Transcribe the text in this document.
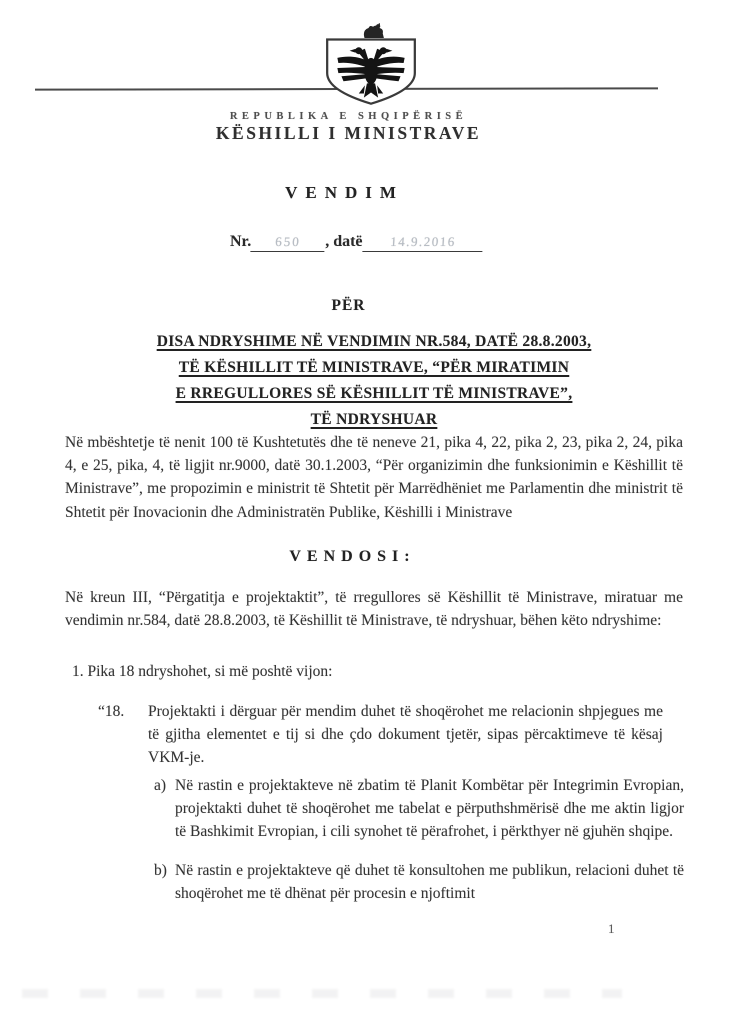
REPUBLIKA E SHQIPËRISË
KËSHILLI I MINISTRAVE
VENDIM
Nr. 650 , datë 14.9.2016
PËR
DISA NDRYSHIME NË VENDIMIN NR.584, DATË 28.8.2003,
TË KËSHILLIT TË MINISTRAVE, “PËR MIRATIMIN
E RREGULLORES SË KËSHILLIT TË MINISTRAVE”,
TË NDRYSHUAR
Në mbështetje të nenit 100 të Kushtetutës dhe të neneve 21, pika 4, 22, pika 2, 23, pika 2, 24, pika 4, e 25, pika, 4, të ligjit nr.9000, datë 30.1.2003, “Për organizimin dhe funksionimin e Këshillit të Ministrave”, me propozimin e ministrit të Shtetit për Marrëdhëniet me Parlamentin dhe ministrit të Shtetit për Inovacionin dhe Administratën Publike, Këshilli i Ministrave
VENDOSI:
Në kreun III, “Përgatitja e projektaktit”, të rregullores së Këshillit të Ministrave, miratuar me vendimin nr.584, datë 28.8.2003, të Këshillit të Ministrave, të ndryshuar, bëhen këto ndryshime:
1. Pika 18 ndryshohet, si më poshtë vijon:
“18.	Projektakti i dërguar për mendim duhet të shoqërohet me relacionin shpjegues me të gjitha elementet e tij si dhe çdo dokument tjetër, sipas përcaktimeve të kësaj VKM-je.
a) Në rastin e projektakteve në zbatim të Planit Kombëtar për Integrimin Evropian, projektakti duhet të shoqërohet me tabelat e përputhshmërisë dhe me aktin ligjor të Bashkimit Evropian, i cili synohet të përafrohet, i përkthyer në gjuhën shqipe.
b) Në rastin e projektakteve që duhet të konsultohen me publikun, relacioni duhet të shoqërohet me të dhënat për procesin e njoftimit
1
